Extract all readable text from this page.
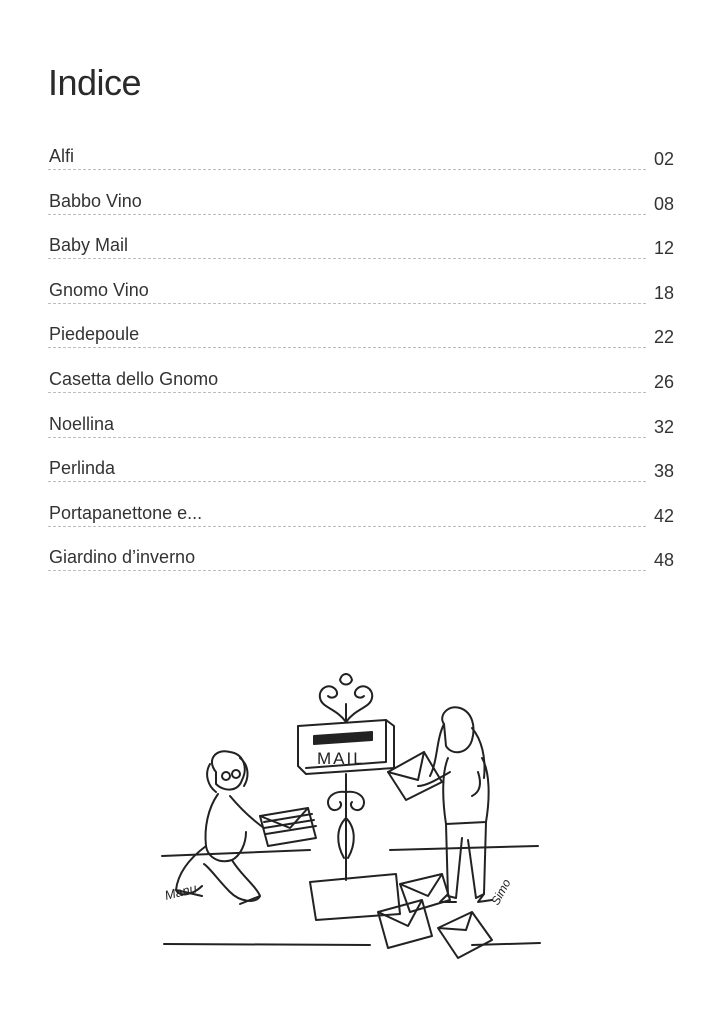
Indice
Alfi	02
Babbo Vino	08
Baby Mail	12
Gnomo Vino	18
Piedepoule	22
Casetta dello Gnomo	26
Noellina	32
Perlinda	38
Portapanettone e...	42
Giardino d’inverno	48
MAIL
Manu	Simo
